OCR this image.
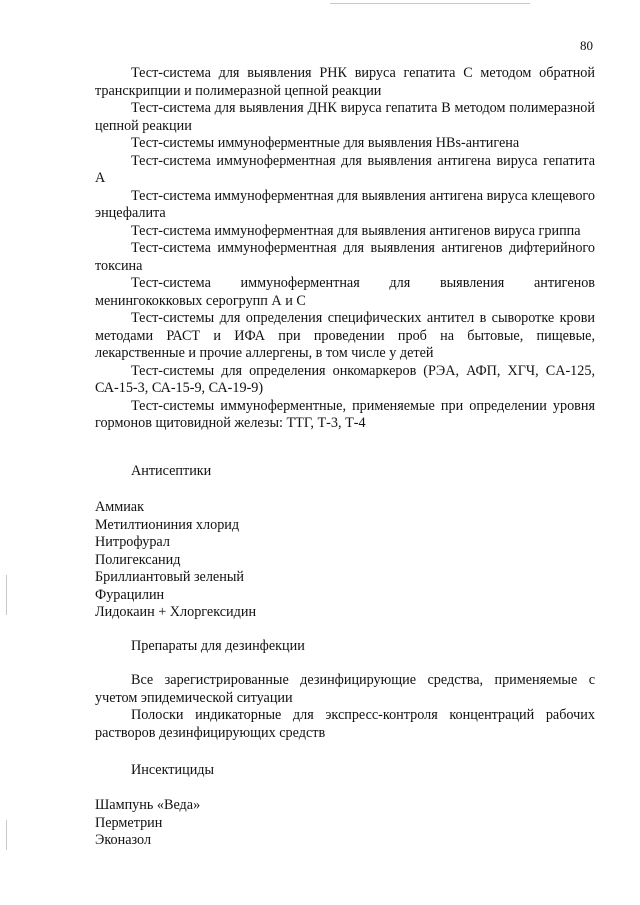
80

Тест-система для выявления РНК вируса гепатита С методом обратной транскрипции и полимеразной цепной реакции

Тест-система для выявления ДНК вируса гепатита В методом полимеразной цепной реакции

Тест-системы иммуноферментные для выявления НВs-антигена

Тест-система иммуноферментная для выявления антигена вируса гепатита А

Тест-система иммуноферментная для выявления антигена вируса клещевого энцефалита

Тест-система иммуноферментная для выявления антигенов вируса гриппа

Тест-система иммуноферментная для выявления антигенов дифтерийного токсина

Тест-система иммуноферментная для выявления антигенов менингококковых серогрупп А и С

Тест-системы для определения специфических антител в сыворотке крови методами РАСТ и ИФА при проведении проб на бытовые, пищевые, лекарственные и прочие аллергены, в том числе у детей

Тест-системы для определения онкомаркеров (РЭА, АФП, ХГЧ, CA-125, СА-15-3, СА-15-9, СА-19-9)

Тест-системы иммуноферментные, применяемые при определении уровня гормонов щитовидной железы: ТТГ, Т-3, Т-4

Антисептики
Аммиак
Метилтиониния хлорид
Нитрофурал
Полигексанид
Бриллиантовый зеленый
Фурацилин
Лидокаин + Хлоргексидин
Препараты для дезинфекции

Все зарегистрированные дезинфицирующие средства, применяемые с учетом эпидемической ситуации

Полоски индикаторные для экспресс-контроля концентраций рабочих растворов дезинфицирующих средств

Инсектициды
Шампунь «Веда»
Перметрин
Эконазол
